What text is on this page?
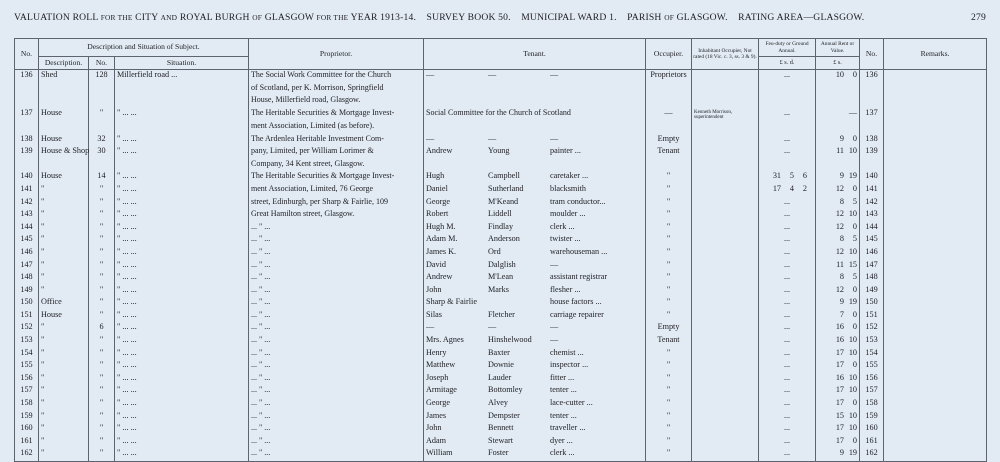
VALUATION ROLL FOR THE CITY AND ROYAL BURGH OF GLASGOW FOR THE YEAR 1913-14. SURVEY BOOK 50. MUNICIPAL WARD 1. PARISH OF GLASGOW. RATING AREA—GLASGOW.	279
No.	Description and Situation of Subject.			Proprietor.	Tenant.	Occupier.	Inhabitant Occupier, Not rated (18 Vic. c. 3, ss. 3 & 9).	Feu-duty or Ground Annual.	Annual Rent or Value.	No.	Remarks.
	Description.	No.	Situation.								
								£ s. d.	£ s.		
136	Shed	128	Millerfield road ...	The Social Work Committee for the Church	— — —	Proprietors		...	10 0	136	
				of Scotland, per K. Morrison, Springfield							
				House, Millerfield road, Glasgow.							
137	House	"	" ... ...	The Heritable Securities & Mortgage Invest-	Social Committee for the Church of Scotland	—	Kenneth Morrison, superintendent	...	—	137	
				ment Association, Limited (as before).							
138	House	32	" ... ...	The Ardenlea Heritable Investment Com-	— — —	Empty		...	9 0	138	
139	House & Shop	30	" ... ...	pany, Limited, per William Lorimer &	Andrew Young painter ...	Tenant		...	11 10	139	
				Company, 34 Kent street, Glasgow.							
140	House	14	" ... ...	The Heritable Securities & Mortgage Invest-	Hugh Campbell caretaker ...	"		31 5 6	9 19	140	
141	"	"	" ... ...	ment Association, Limited, 76 George	Daniel Sutherland blacksmith	"		17 4 2	12 0	141	
142	"	"	" ... ...	street, Edinburgh, per Sharp & Fairlie, 109	George M'Keand tram conductor...	"		...	8 5	142	
143	"	"	" ... ...	Great Hamilton street, Glasgow.	Robert Liddell moulder ...	"		...	12 10	143	
144	"	"	" ... ...	... " ...	Hugh M. Findlay clerk ...	"		...	12 0	144	
145	"	"	" ... ...	... " ...	Adam M. Anderson twister ...	"		...	8 5	145	
146	"	"	" ... ...	... " ...	James K. Ord warehouseman ...	"		...	12 10	146	
147	"	"	" ... ...	... " ...	David Dalglish —	"		...	11 15	147	
148	"	"	" ... ...	... " ...	Andrew M'Lean assistant registrar	"		...	8 5	148	
149	"	"	" ... ...	... " ...	John Marks flesher ...	"		...	12 0	149	
150	Office	"	" ... ...	... " ...	Sharp & Fairlie house factors ...	"		...	9 19	150	
151	House	"	" ... ...	... " ...	Silas Fletcher carriage repairer	"		...	7 0	151	
152	"	6	" ... ...	... " ...	— — —	Empty		...	16 0	152	
153	"	"	" ... ...	... " ...	Mrs. Agnes Hinshelwood —	Tenant		...	16 10	153	
154	"	"	" ... ...	... " ...	Henry Baxter chemist ...	"		...	17 10	154	
155	"	"	" ... ...	... " ...	Matthew Downie inspector ...	"		...	17 0	155	
156	"	"	" ... ...	... " ...	Joseph Lauder fitter ...	"		...	16 10	156	
157	"	"	" ... ...	... " ...	Armitage Bottomley tenter ...	"		...	17 10	157	
158	"	"	" ... ...	... " ...	George Alvey lace-cutter ...	"		...	17 0	158	
159	"	"	" ... ...	... " ...	James Dempster tenter ...	"		...	15 10	159	
160	"	"	" ... ...	... " ...	John Bennett traveller ...	"		...	17 10	160	
161	"	"	" ... ...	... " ...	Adam Stewart dyer ...	"		...	17 0	161	
162	"	"	" ... ...	... " ...	William Foster clerk ...	"		...	9 19	162	
